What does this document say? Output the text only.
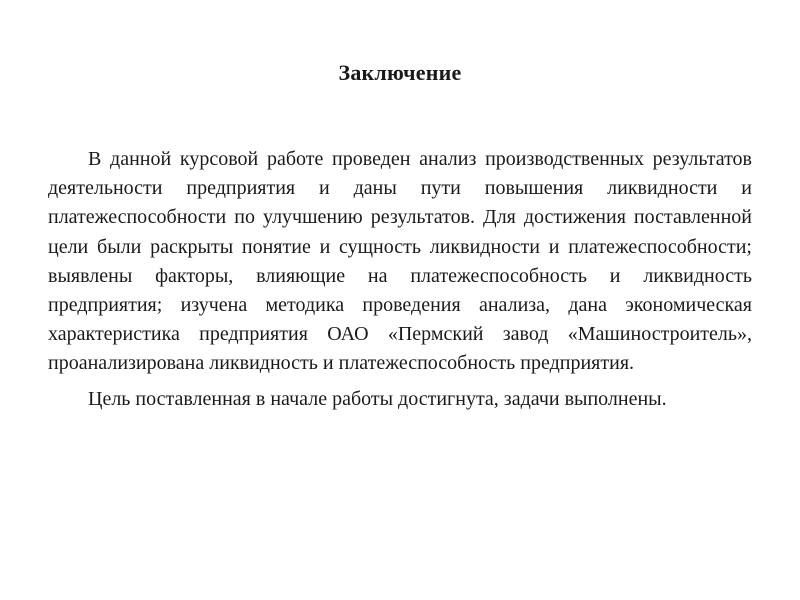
Заключение

В данной курсовой работе проведен анализ производственных результатов деятельности предприятия и даны пути повышения ликвидности и платежеспособности по улучшению результатов. Для достижения поставленной цели были раскрыты понятие и сущность ликвидности и платежеспособности; выявлены факторы, влияющие на платежеспособность и ликвидность предприятия; изучена методика проведения анализа, дана экономическая характеристика предприятия ОАО «Пермский завод «Машиностроитель», проанализирована ликвидность и платежеспособность предприятия.

Цель поставленная в начале работы достигнута, задачи выполнены.
